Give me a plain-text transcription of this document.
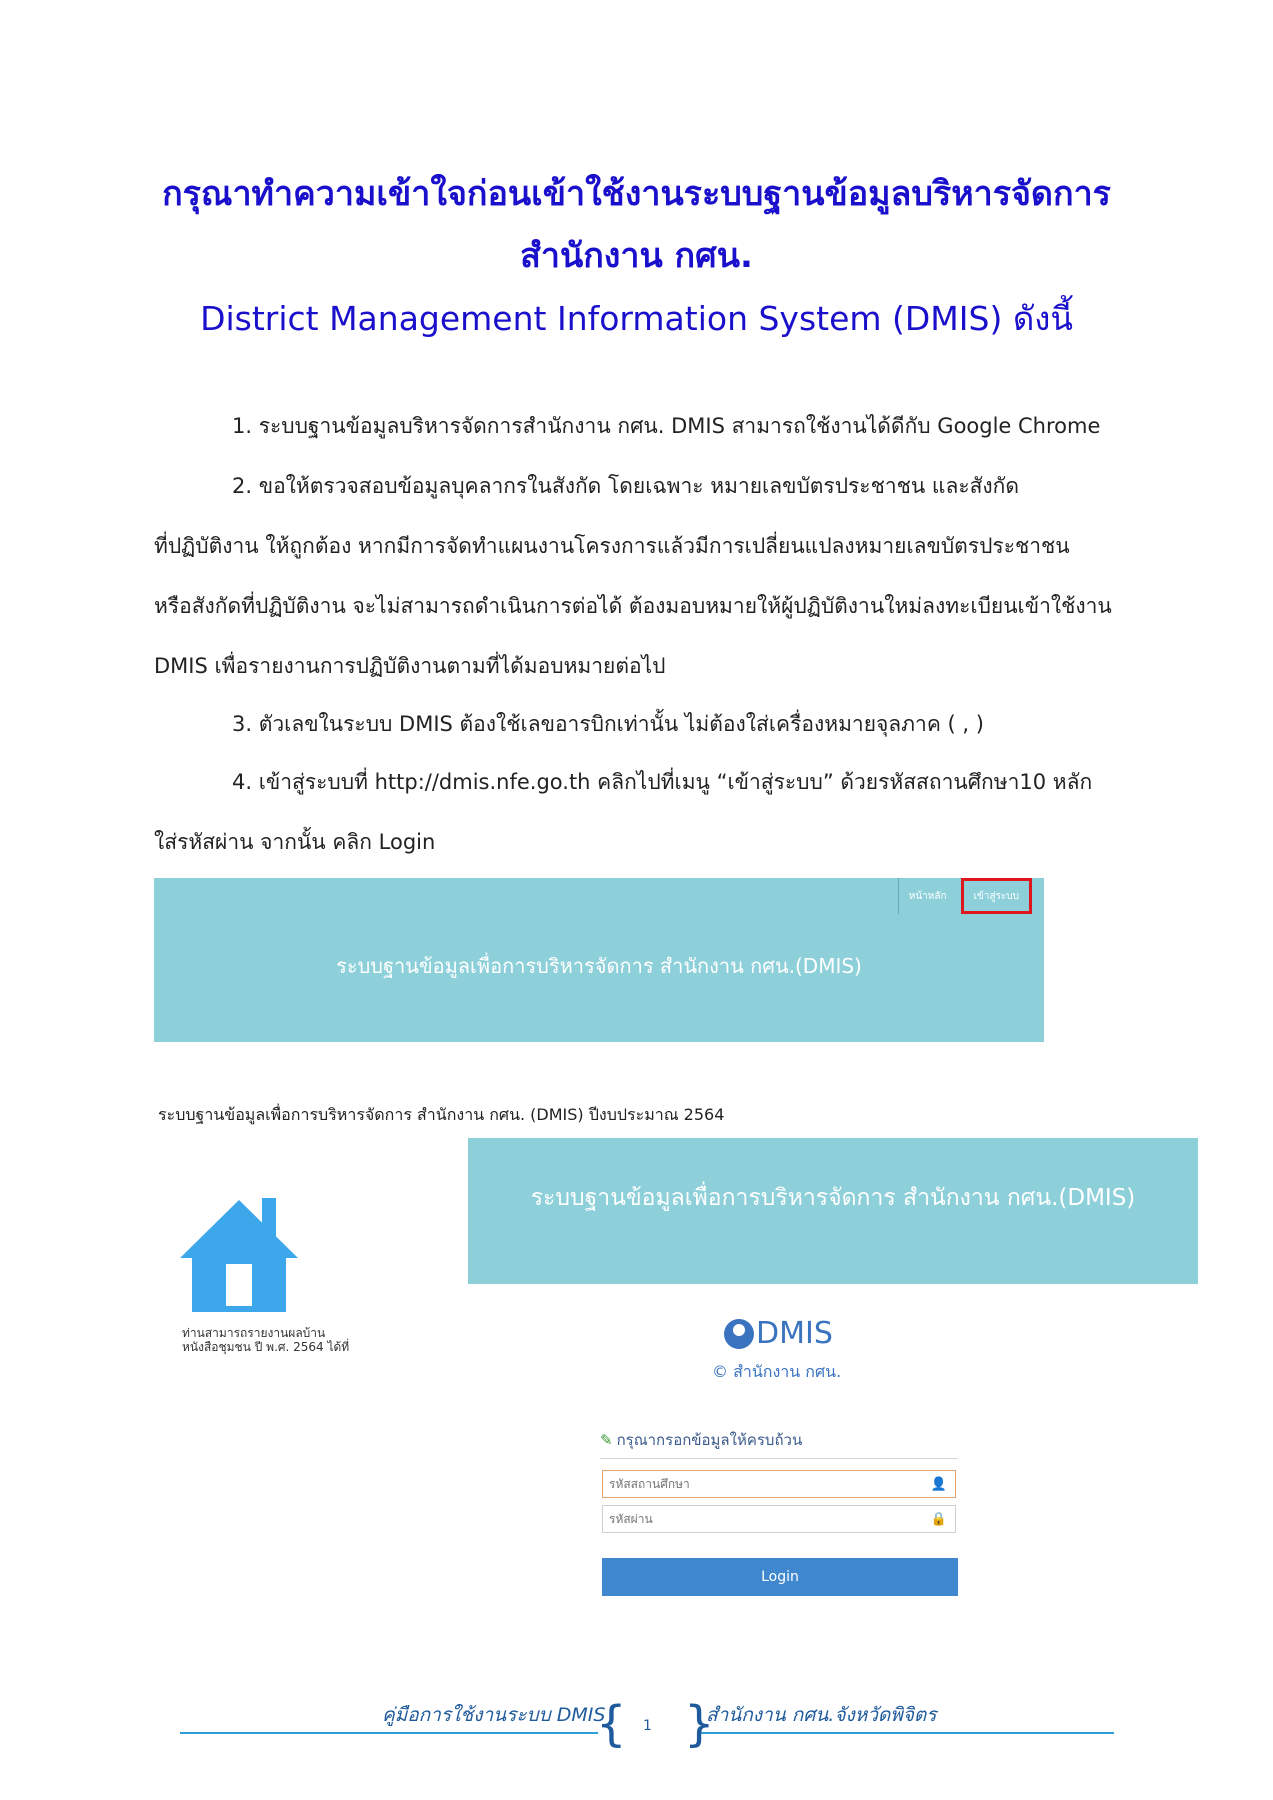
กรุณาทำความเข้าใจก่อนเข้าใช้งานระบบฐานข้อมูลบริหารจัดการ
สำนักงาน กศน.
District Management Information System (DMIS) ดังนี้
1. ระบบฐานข้อมูลบริหารจัดการสำนักงาน กศน. DMIS สามารถใช้งานได้ดีกับ Google Chrome
2. ขอให้ตรวจสอบข้อมูลบุคลากรในสังกัด โดยเฉพาะ หมายเลขบัตรประชาชน และสังกัด
ที่ปฏิบัติงาน ให้ถูกต้อง หากมีการจัดทำแผนงานโครงการแล้วมีการเปลี่ยนแปลงหมายเลขบัตรประชาชน
หรือสังกัดที่ปฏิบัติงาน จะไม่สามารถดำเนินการต่อได้ ต้องมอบหมายให้ผู้ปฏิบัติงานใหม่ลงทะเบียนเข้าใช้งาน
DMIS เพื่อรายงานการปฏิบัติงานตามที่ได้มอบหมายต่อไป
3. ตัวเลขในระบบ DMIS ต้องใช้เลขอารบิกเท่านั้น ไม่ต้องใส่เครื่องหมายจุลภาค ( , )
4. เข้าสู่ระบบที่ http://dmis.nfe.go.th คลิกไปที่เมนู “เข้าสู่ระบบ” ด้วยรหัสสถานศึกษา10 หลัก
ใส่รหัสผ่าน จากนั้น คลิก Login
หน้าหลัก	เข้าสู่ระบบ
ระบบฐานข้อมูลเพื่อการบริหารจัดการ สำนักงาน กศน.(DMIS)
ระบบฐานข้อมูลเพื่อการบริหารจัดการ สำนักงาน กศน. (DMIS) ปีงบประมาณ 2564
ระบบฐานข้อมูลเพื่อการบริหารจัดการ สำนักงาน กศน.(DMIS)
ท่านสามารถรายงานผลบ้าน
หนังสือชุมชน ปี พ.ศ. 2564 ได้ที่	DMIS
© สำนักงาน กศน.
✎ กรุณากรอกข้อมูลให้ครบถ้วน
รหัสสถานศึกษา
👤
🔒
Login
คู่มือการใช้งานระบบ DMIS
{ 1 }
สำนักงาน กศน.จังหวัดพิจิตร
